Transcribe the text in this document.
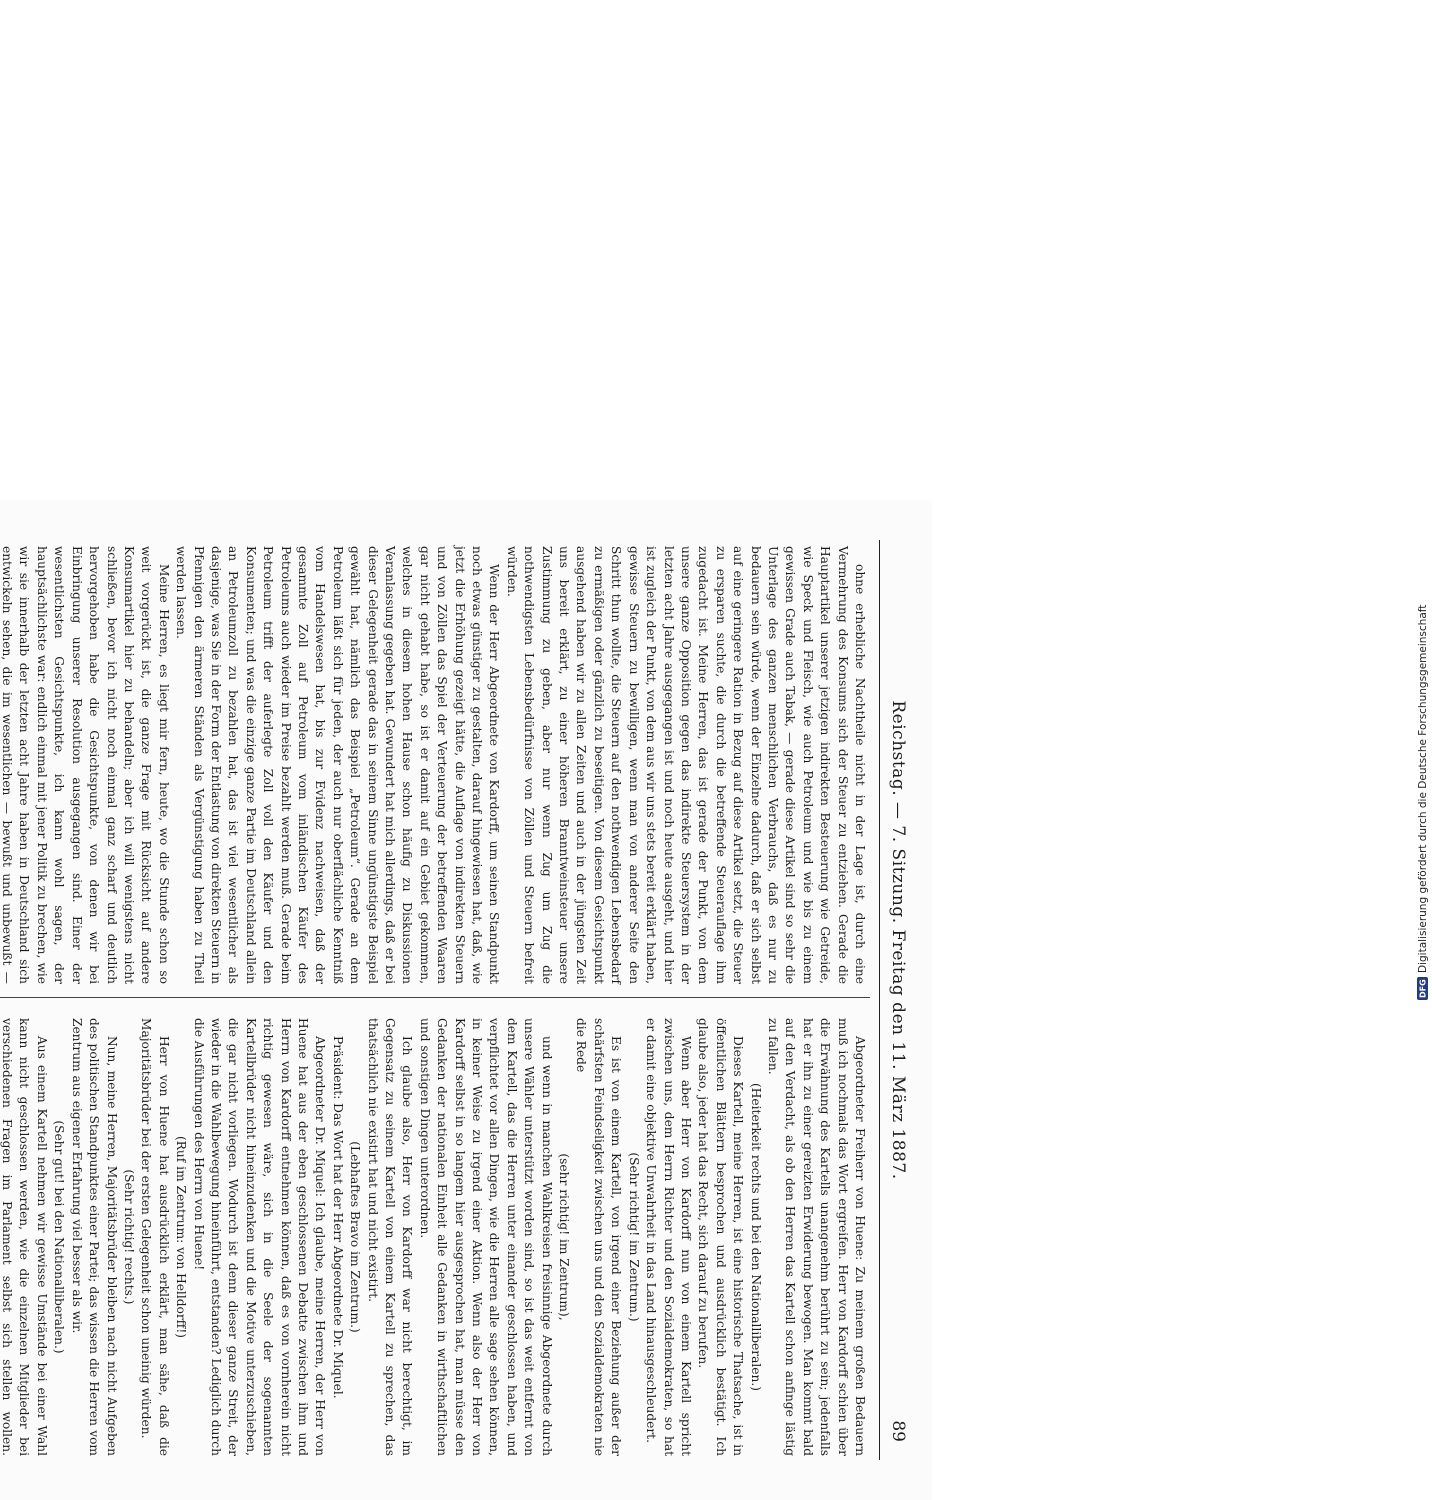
Reichstag. — 7. Sitzung. Freitag den 11. März 1887.
89

ohne erhebliche Nachtheile nicht in der Lage ist, durch eine Vermehrung des Konsums sich der Steuer zu entziehen. Gerade die Hauptartikel unserer jetzigen indirekten Besteuerung wie Getreide, wie Speck und Fleisch, wie auch Petroleum und wie bis zu einem gewissen Grade auch Tabak, — gerade diese Artikel sind so sehr die Unterlage des ganzen menschlichen Verbrauchs, daß es nur zu bedauern sein würde, wenn der Einzelne dadurch, daß er sich selbst auf eine geringere Ration in Bezug auf diese Artikel setzt, die Steuer zu ersparen suchte, die durch die betreffende Steuerauflage ihm zugedacht ist. Meine Herren, das ist gerade der Punkt, von dem unsere ganze Opposition gegen das indirekte Steuersystem in der letzten acht Jahre ausgegangen ist und noch heute ausgeht, und hier ist zugleich der Punkt, von dem aus wir uns stets bereit erklärt haben, gewisse Steuern zu bewilligen, wenn man von anderer Seite den Schritt thun wollte, die Steuern auf den nothwendigen Lebensbedarf zu ermäßigen oder gänzlich zu beseitigen. Von diesem Gesichtspunkt ausgehend haben wir zu allen Zeiten und auch in der jüngsten Zeit uns bereit erklärt, zu einer höheren Branntweinsteuer unsere Zustimmung zu geben, aber nur wenn Zug um Zug die nothwendigsten Lebensbedürfnisse von Zöllen und Steuern befreit würden.

Wenn der Herr Abgeordnete von Kardorff, um seinen Standpunkt noch etwas günstiger zu gestalten, darauf hingewiesen hat, daß, wie jetzt die Erhöhung gezeigt hätte, die Auflage von indirekten Steuern und von Zöllen das Spiel der Verteuerung der betreffenden Waaren gar nicht gehabt habe, so ist er damit auf ein Gebiet gekommen, welches in diesem hohen Hause schon häufig zu Diskussionen Veranlassung gegeben hat. Gewundert hat mich allerdings, daß er bei dieser Gelegenheit gerade das in seinem Sinne ungünstigste Beispiel gewählt hat, nämlich das Beispiel „Petroleum“. Gerade an dem Petroleum läßt sich für jeden, der auch nur oberflächliche Kenntniß vom Handelswesen hat, bis zur Evidenz nachweisen, daß der gesammte Zoll auf Petroleum vom inländischen Käufer des Petroleums auch wieder im Preise bezahlt werden muß. Gerade beim Petroleum trifft der auferlegte Zoll voll den Käufer und den Konsumenten; und was die einzige ganze Partie im Deutschland allein an Petroleumzoll zu bezahlen hat, das ist viel wesentlicher als dasjenige, was Sie in der Form der Entlastung von direkten Steuern in Pfennigen den ärmeren Ständen als Vergünstigung haben zu Theil werden lassen.

Meine Herren, es liegt mir fern, heute, wo die Stunde schon so weit vorgerückt ist, die ganze Frage mit Rücksicht auf andere Konsumartikel hier zu behandeln; aber ich will wenigstens nicht schließen, bevor ich nicht noch einmal ganz scharf und deutlich hervorgehoben habe die Gesichtspunkte, von denen wir bei Einbringung unserer Resolution ausgegangen sind. Einer der wesentlichsten Gesichtspunkte, ich kann wohl sagen, der hauptsächlichste war: endlich einmal mit jener Politik zu brechen, wie wir sie innerhalb der letzten acht Jahre haben in Deutschland sich entwickeln sehen, die im wesentlichen — bewußt und unbewußt —

Abgeordneter Freiherr von Huene: Zu meinem großen Bedauern muß ich nochmals das Wort ergreifen. Herr von Kardorff schien über die Erwähnung des Kartells unangenehm berührt zu sein; jedenfalls hat er ihn zu einer gereizten Erwiderung bewogen. Man kommt bald auf den Verdacht, als ob den Herren das Kartell schon anfinge lästig zu fallen.

(Heiterkeit rechts und bei den Nationalliberalen.)

Dieses Kartell, meine Herren, ist eine historische Thatsache, ist in öffentlichen Blättern besprochen und ausdrücklich bestätigt. Ich glaube also, jeder hat das Recht, sich darauf zu berufen.

Wenn aber Herr von Kardorff nun von einem Kartell spricht zwischen uns, dem Herrn Richter und den Sozialdemokraten, so hat er damit eine objektive Unwahrheit in das Land hinausgeschleudert.

(Sehr richtig! im Zentrum.)

Es ist von einem Kartell, von irgend einer Beziehung außer der schärfsten Feindseligkeit zwischen uns und den Sozialdemokraten nie die Rede

(sehr richtig! im Zentrum),

und wenn in manchen Wahlkreisen freisinnige Abgeordnete durch unsere Wähler unterstützt worden sind, so ist das weit entfernt von dem Kartell, das die Herren unter einander geschlossen haben, und verpflichtet vor allen Dingen, wie die Herren alle sage sehen können, in keiner Weise zu irgend einer Aktion. Wenn also der Herr von Kardorff selbst in so langem hier ausgesprochen hat, man müsse den Gedanken der nationalen Einheit alle Gedanken in wirthschaftlichen und sonstigen Dingen unterordnen.

Ich glaube also, Herr von Kardorff war nicht berechtigt, im Gegensatz zu seinem Kartell von einem Kartell zu sprechen, das thatsächlich nie existirt hat und nicht existirt.

(Lebhaftes Bravo im Zentrum.)

Präsident: Das Wort hat der Herr Abgeordnete Dr. Miquel.

Abgeordneter Dr. Miquel: Ich glaube, meine Herren, der Herr von Huene hat aus der eben geschlossenen Debatte zwischen ihm und Herrn von Kardorff entnehmen können, daß es von vornherein nicht richtig gewesen wäre, sich in die Seele der sogenannten Kartellbrüder nicht hineinzudenken und die Motive unterzuschieben, die gar nicht vorliegen. Wodurch ist denn dieser ganze Streit, der wieder in die Wahlbewegung hineinführt, entstanden? Lediglich durch die Ausführungen des Herrn von Huene!

(Ruf im Zentrum: von Helldorff!)

Herr von Huene hat ausdrücklich erklärt, man sähe, daß die Majoritätsbrüder bei der ersten Gelegenheit schon uneinig würden.

(Sehr richtig! rechts.)

Nun, meine Herren, Majoritätsbrüder bleiben nach nicht Aufgeben des politischen Standpunktes einer Partei; das wissen die Herren vom Zentrum aus eigener Erfahrung viel besser als wir.

(Sehr gut! bei den Nationalliberalen.)

Aus einem Kartell nehmen wir gewisse Umstände bei einer Wahl kann nicht geschlossen werden, wie die einzelnen Mitglieder bei verschiedenen Fragen im Parlament selbst sich stellen wollen.

DFG
Digitalisierung gefördert durch die Deutsche Forschungsgemeinschaft
